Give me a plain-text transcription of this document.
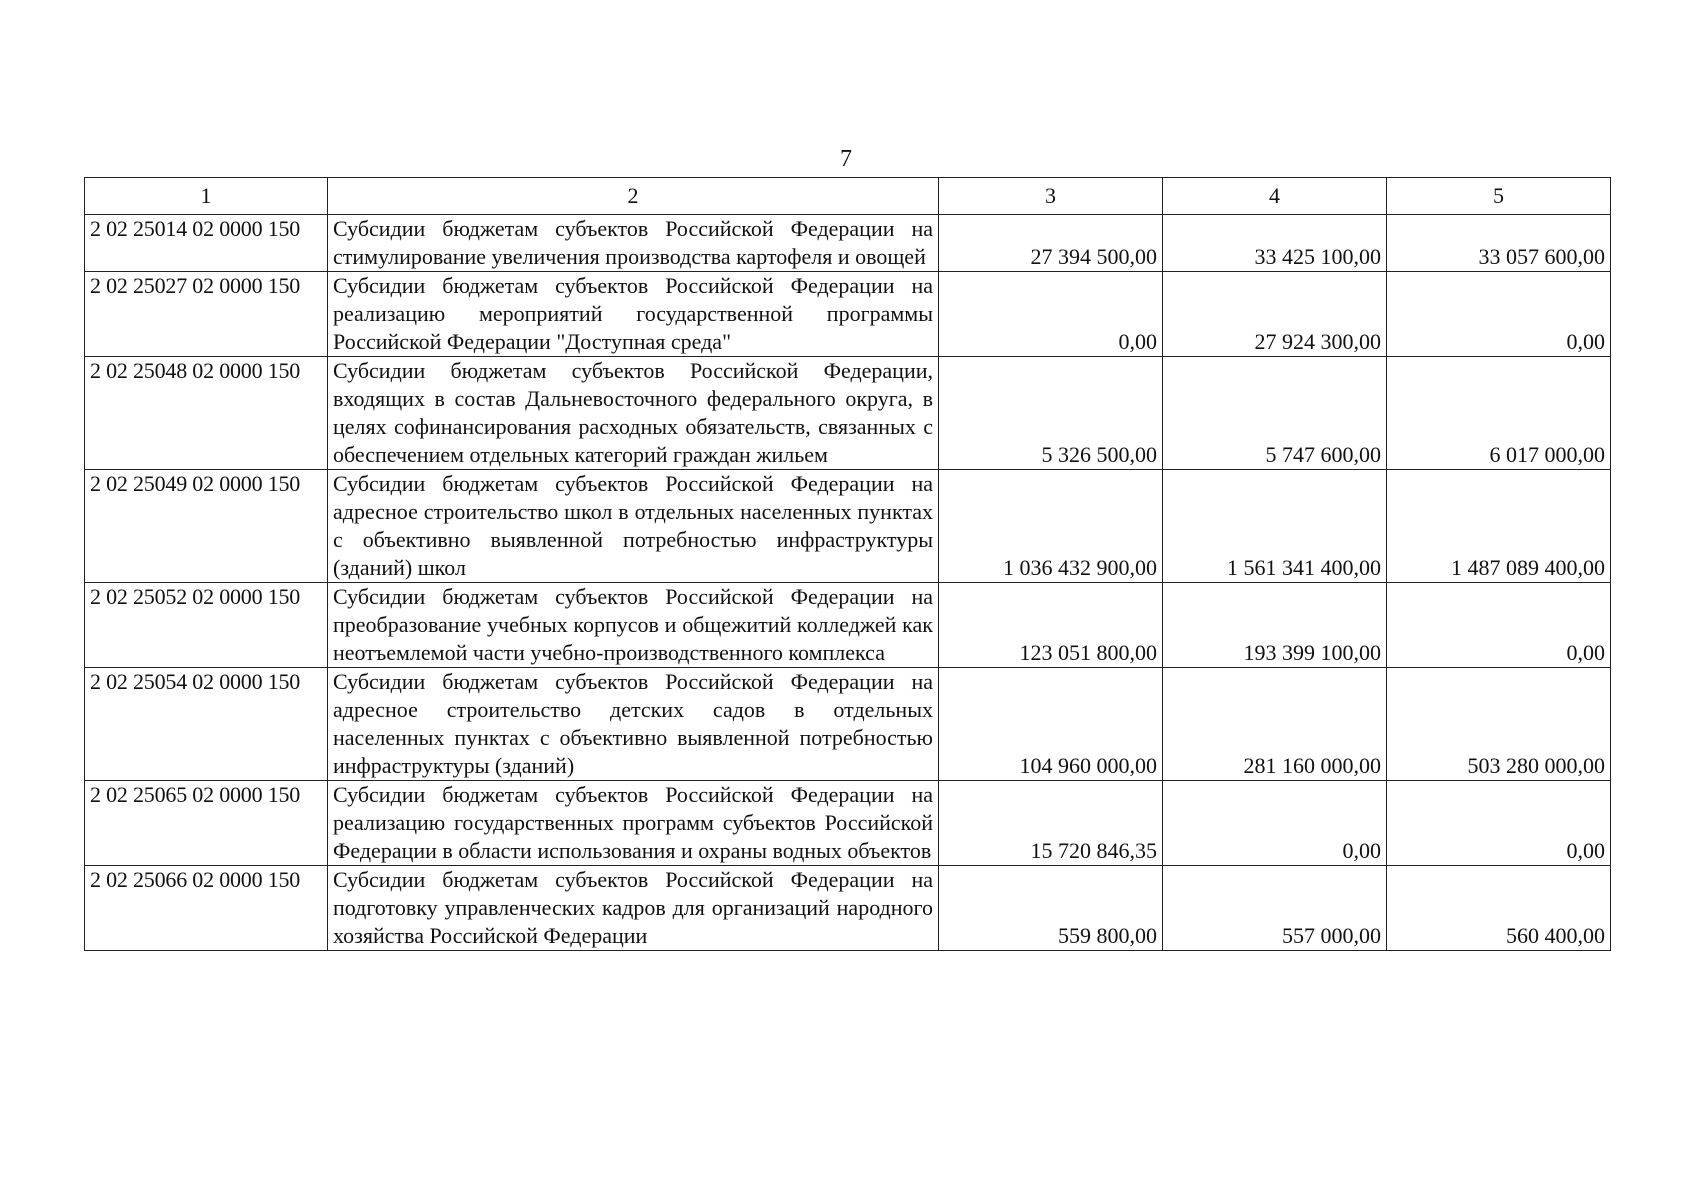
7
1	2	3	4	5
2 02 25014 02 0000 150	Субсидии бюджетам субъектов Российской Федерации на стимулирование увеличения производства картофеля и овощей	27 394 500,00	33 425 100,00	33 057 600,00
2 02 25027 02 0000 150	Субсидии бюджетам субъектов Российской Федерации на реализацию мероприятий государственной программы Российской Федерации "Доступная среда"	0,00	27 924 300,00	0,00
2 02 25048 02 0000 150	Субсидии бюджетам субъектов Российской Федерации, входящих в состав Дальневосточного федерального округа, в целях софинансирования расходных обязательств, связанных с обеспечением отдельных категорий граждан жильем	5 326 500,00	5 747 600,00	6 017 000,00
2 02 25049 02 0000 150	Субсидии бюджетам субъектов Российской Федерации на адресное строительство школ в отдельных населенных пунктах с объективно выявленной потребностью инфраструктуры (зданий) школ	1 036 432 900,00	1 561 341 400,00	1 487 089 400,00
2 02 25052 02 0000 150	Субсидии бюджетам субъектов Российской Федерации на преобразование учебных корпусов и общежитий колледжей как неотъемлемой части учебно-производственного комплекса	123 051 800,00	193 399 100,00	0,00
2 02 25054 02 0000 150	Субсидии бюджетам субъектов Российской Федерации на адресное строительство детских садов в отдельных населенных пунктах с объективно выявленной потребностью инфраструктуры (зданий)	104 960 000,00	281 160 000,00	503 280 000,00
2 02 25065 02 0000 150	Субсидии бюджетам субъектов Российской Федерации на реализацию государственных программ субъектов Российской Федерации в области использования и охраны водных объектов	15 720 846,35	0,00	0,00
2 02 25066 02 0000 150	Субсидии бюджетам субъектов Российской Федерации на подготовку управленческих кадров для организаций народного хозяйства Российской Федерации	559 800,00	557 000,00	560 400,00
